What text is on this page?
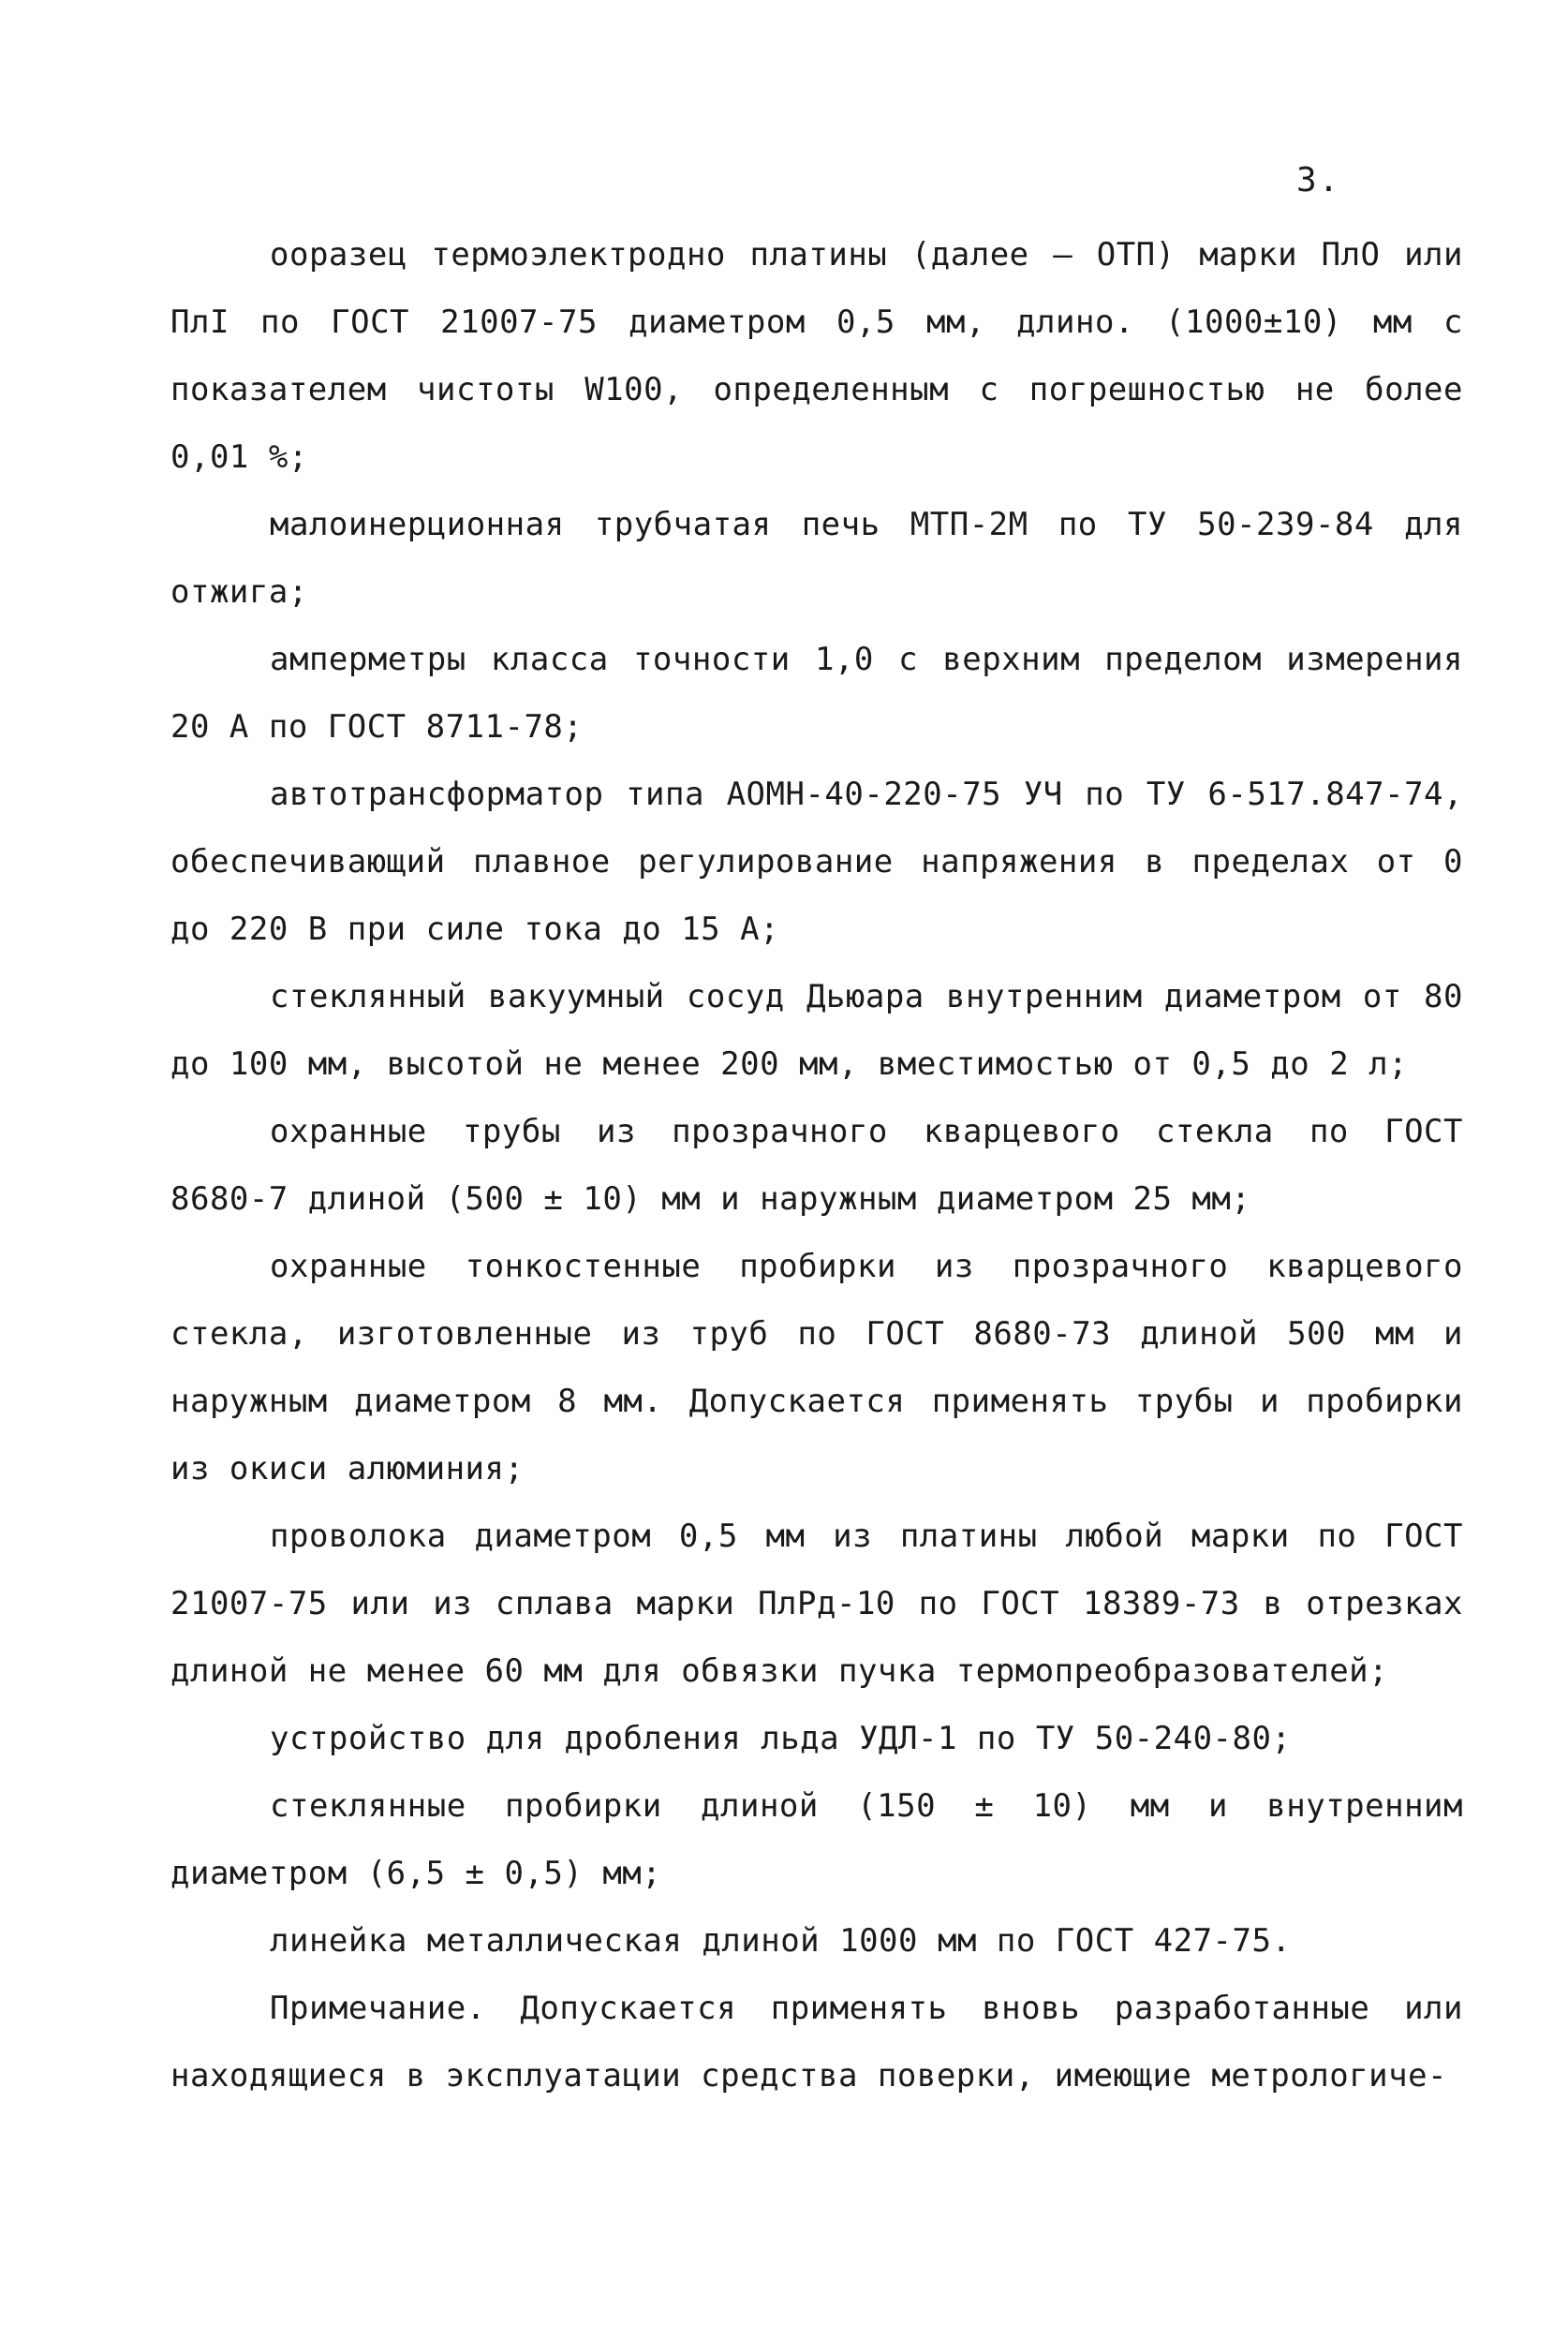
3.

ооразец термоэлектродно платины (далее – ОТП) марки ПлО или ПлI по ГОСТ 21007-75 диаметром 0,5 мм, длино. (1000±10) мм с показателем чистоты W100, определенным с погрешностью не более 0,01 %;

малоинерционная трубчатая печь МТП-2М по ТУ 50-239-84 для отжига;

амперметры класса точности 1,0 с верхним пределом измерения 20 А по ГОСТ 8711-78;

автотрансформатор типа АОМН-40-220-75 УЧ по ТУ 6-517.847-74, обеспечивающий плавное регулирование напряжения в пределах от 0 до 220 В при силе тока до 15 А;

стеклянный вакуумный сосуд Дьюара внутренним диаметром от 80 до 100 мм, высотой не менее 200 мм, вместимостью от 0,5 до 2 л;

охранные трубы из прозрачного кварцевого стекла по ГОСТ 8680-7 длиной (500 ± 10) мм и наружным диаметром 25 мм;

охранные тонкостенные пробирки из прозрачного кварцевого стекла, изготовленные из труб по ГОСТ 8680-73 длиной 500 мм и наружным диаметром 8 мм. Допускается применять трубы и пробирки из окиси алюминия;

проволока диаметром 0,5 мм из платины любой марки по ГОСТ 21007-75 или из сплава марки ПлРд-10 по ГОСТ 18389-73 в отрезках длиной не менее 60 мм для обвязки пучка термопреобразователей;

устройство для дробления льда УДЛ-1 по ТУ 50-240-80;

стеклянные пробирки длиной (150 ± 10) мм и внутренним диаметром (6,5 ± 0,5) мм;

линейка металлическая длиной 1000 мм по ГОСТ 427-75.

Примечание. Допускается применять вновь разработанные или находящиеся в эксплуатации средства поверки, имеющие метрологиче-
